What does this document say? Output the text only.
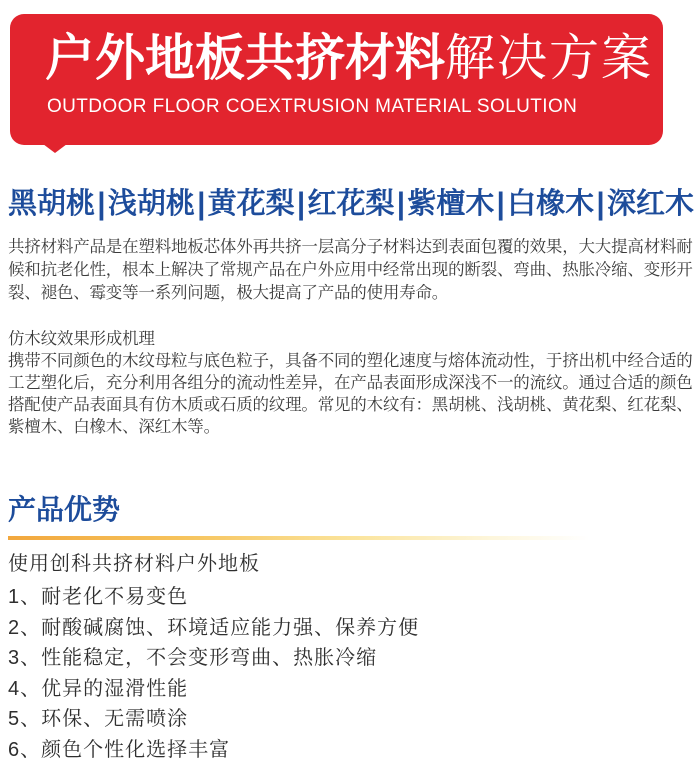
户外地板共挤材料解决方案
OUTDOOR FLOOR COEXTRUSION MATERIAL SOLUTION
黑胡桃 | 浅胡桃 | 黄花梨 | 红花梨 | 紫檀木 | 白橡木 | 深红木

共挤材料产品是在塑料地板芯体外再共挤一层高分子材料达到表面包覆的效果，大大提高材料耐候和抗老化性，根本上解决了常规产品在户外应用中经常出现的断裂、弯曲、热胀冷缩、变形开裂、褪色、霉变等一系列问题，极大提高了产品的使用寿命。

仿木纹效果形成机理

携带不同颜色的木纹母粒与底色粒子，具备不同的塑化速度与熔体流动性，于挤出机中经合适的工艺塑化后，充分利用各组分的流动性差异，在产品表面形成深浅不一的流纹。通过合适的颜色搭配使产品表面具有仿木质或石质的纹理。常见的木纹有：黑胡桃、浅胡桃、黄花梨、红花梨、紫檀木、白橡木、深红木等。

产品优势
使用创科共挤材料户外地板
1、耐老化不易变色
2、耐酸碱腐蚀、环境适应能力强、保养方便
3、性能稳定，不会变形弯曲、热胀冷缩
4、优异的湿滑性能
5、环保、无需喷涂
6、颜色个性化选择丰富
